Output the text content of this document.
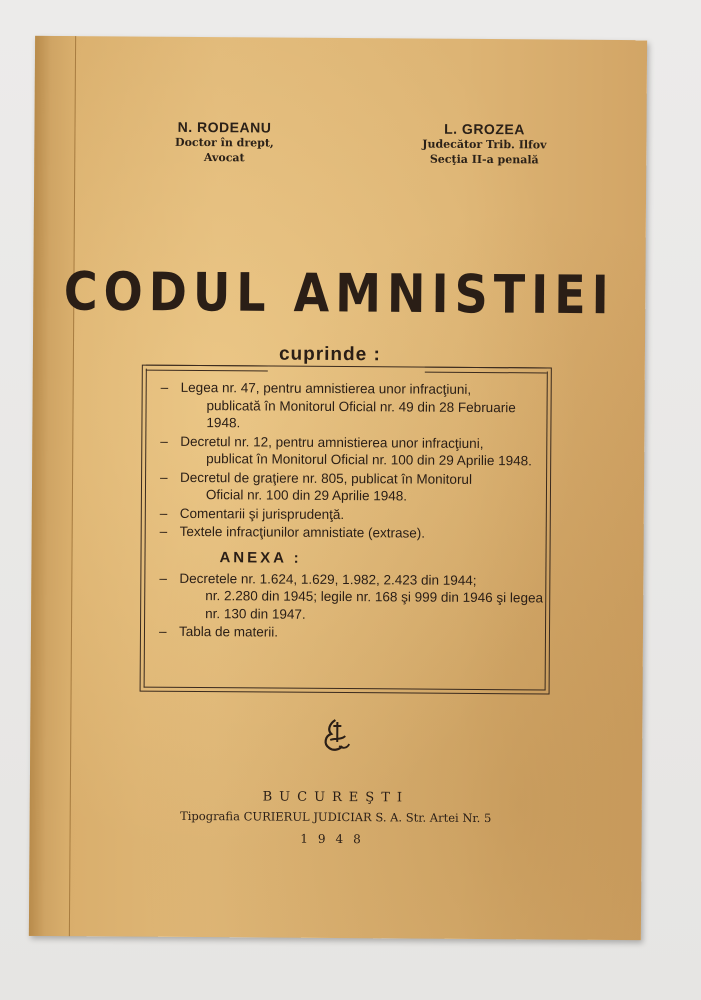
N. RODEANU
Doctor în drept,
Avocat
L. GROZEA
Judecător Trib. Ilfov
Secţia II-a penală
CODUL AMNISTIEI
cuprinde :
– Legea nr. 47, pentru amnistierea unor infracţiuni,
publicată în Monitorul Oficial nr. 49 din 28 Februarie 1948.
– Decretul nr. 12, pentru amnistierea unor infracţiuni,
publicat în Monitorul Oficial nr. 100 din 29 Aprilie 1948.
– Decretul de graţiere nr. 805, publicat în Monitorul
Oficial nr. 100 din 29 Aprilie 1948.
– Comentarii şi jurisprudenţă.
– Textele infracţiunilor amnistiate (extrase).
ANEXA :
– Decretele nr. 1.624, 1.629, 1.982, 2.423 din 1944;
nr. 2.280 din 1945; legile nr. 168 şi 999 din 1946 şi legea nr. 130 din 1947.
– Tabla de materii.
BUCUREŞTI
Tipografia CURIERUL JUDICIAR S. A. Str. Artei Nr. 5
1948
